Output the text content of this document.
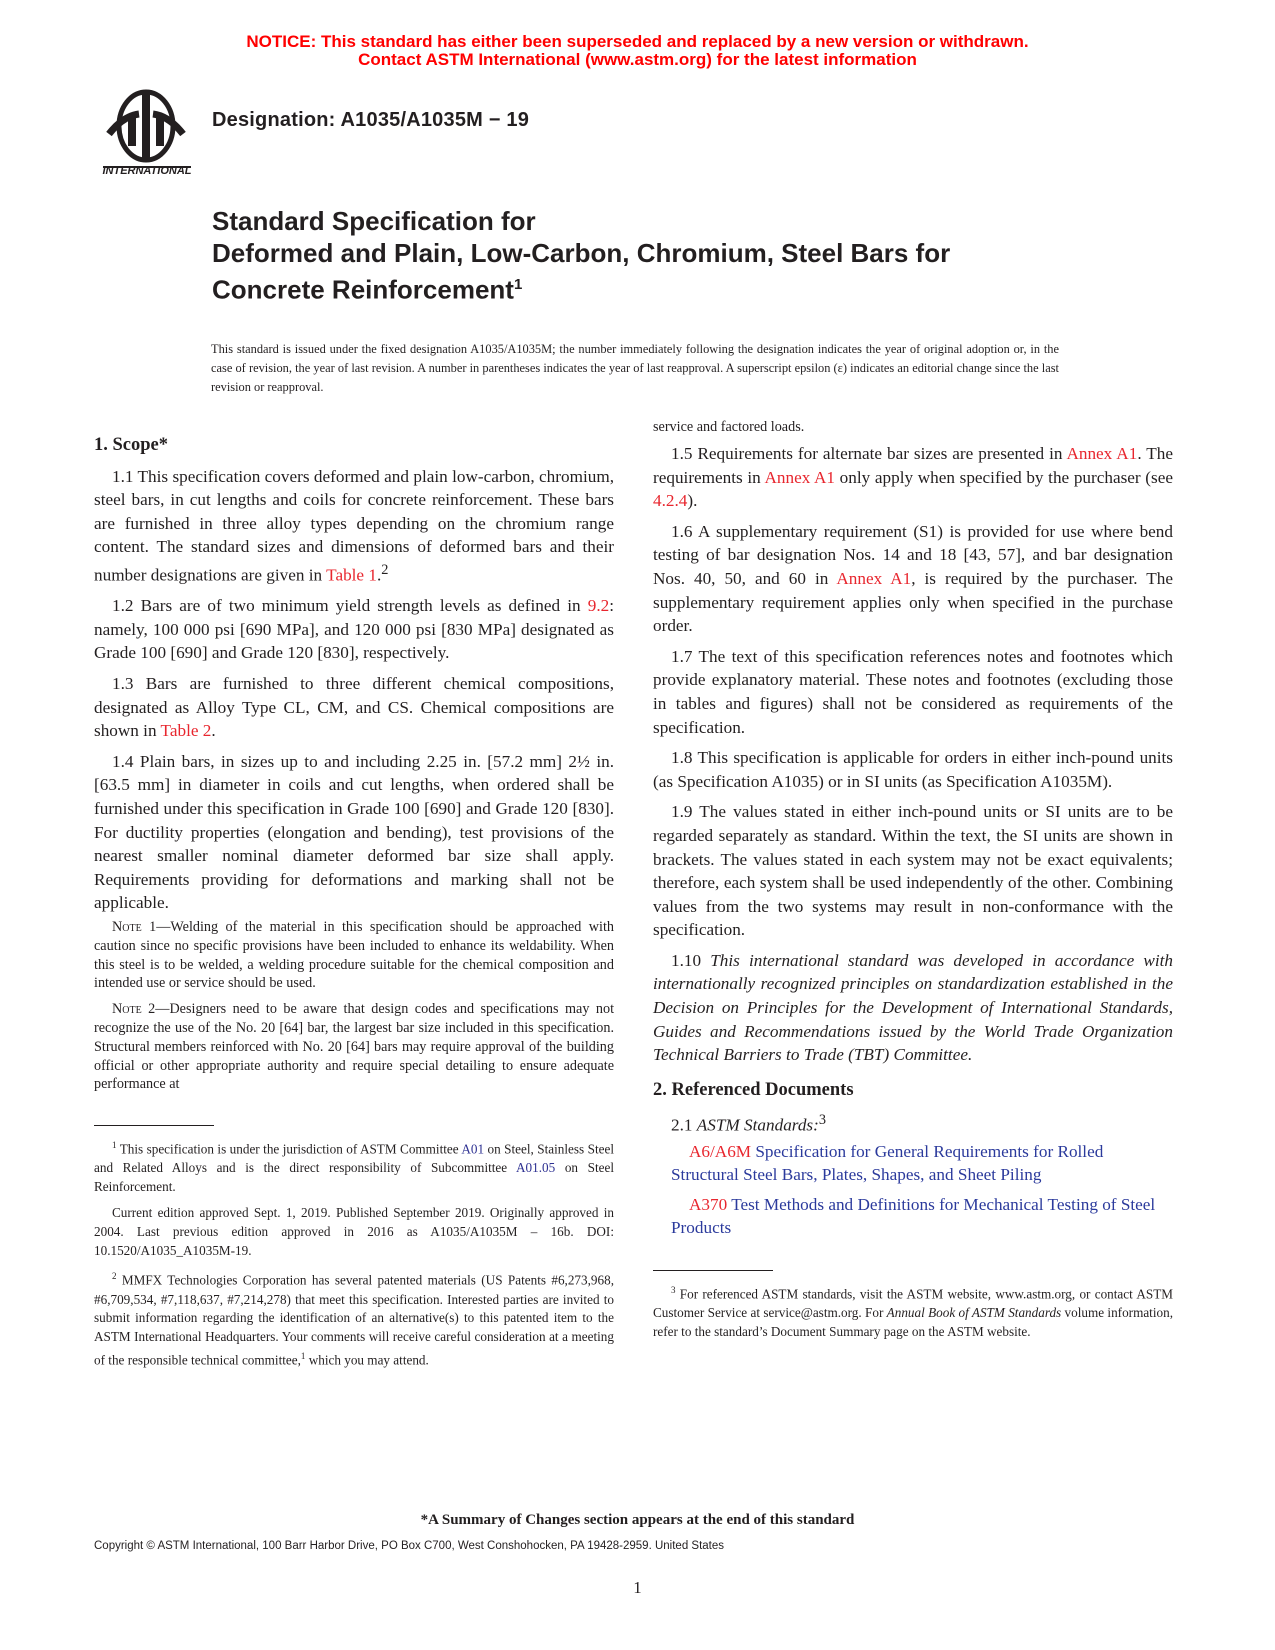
NOTICE: This standard has either been superseded and replaced by a new version or withdrawn.
Contact ASTM International (www.astm.org) for the latest information
INTERNATIONAL
Designation: A1035/A1035M − 19
Standard Specification for
Deformed and Plain, Low-Carbon, Chromium, Steel Bars for
Concrete Reinforcement$^1$
This standard is issued under the fixed designation A1035/A1035M; the number immediately following the designation indicates the year of original adoption or, in the case of revision, the year of last revision. A number in parentheses indicates the year of last reapproval. A superscript epsilon (ε) indicates an editorial change since the last revision or reapproval.

1. Scope*

1.1 This specification covers deformed and plain low-carbon, chromium, steel bars, in cut lengths and coils for concrete reinforcement. These bars are furnished in three alloy types depending on the chromium range content. The standard sizes and dimensions of deformed bars and their number designations are given in Table 1.$^2$

1.2 Bars are of two minimum yield strength levels as defined in 9.2: namely, 100 000 psi [690 MPa], and 120 000 psi [830 MPa] designated as Grade 100 [690] and Grade 120 [830], respectively.

1.3 Bars are furnished to three different chemical compositions, designated as Alloy Type CL, CM, and CS. Chemical compositions are shown in Table 2.

1.4 Plain bars, in sizes up to and including 2.25 in. [57.2 mm] 2½ in. [63.5 mm] in diameter in coils and cut lengths, when ordered shall be furnished under this specification in Grade 100 [690] and Grade 120 [830]. For ductility properties (elongation and bending), test provisions of the nearest smaller nominal diameter deformed bar size shall apply. Requirements providing for deformations and marking shall not be applicable.

Note 1—Welding of the material in this specification should be approached with caution since no specific provisions have been included to enhance its weldability. When this steel is to be welded, a welding procedure suitable for the chemical composition and intended use or service should be used.

Note 2—Designers need to be aware that design codes and specifications may not recognize the use of the No. 20 [64] bar, the largest bar size included in this specification. Structural members reinforced with No. 20 [64] bars may require approval of the building official or other appropriate authority and require special detailing to ensure adequate performance at

$^1$ This specification is under the jurisdiction of ASTM Committee A01 on Steel, Stainless Steel and Related Alloys and is the direct responsibility of Subcommittee A01.05 on Steel Reinforcement.

Current edition approved Sept. 1, 2019. Published September 2019. Originally approved in 2004. Last previous edition approved in 2016 as A1035/A1035M – 16b. DOI: 10.1520/A1035_A1035M-19.

$^2$ MMFX Technologies Corporation has several patented materials (US Patents #6,273,968, #6,709,534, #7,118,637, #7,214,278) that meet this specification. Interested parties are invited to submit information regarding the identification of an alternative(s) to this patented item to the ASTM International Headquarters. Your comments will receive careful consideration at a meeting of the responsible technical committee,$^1$ which you may attend.

service and factored loads.

1.5 Requirements for alternate bar sizes are presented in Annex A1. The requirements in Annex A1 only apply when specified by the purchaser (see 4.2.4).

1.6 A supplementary requirement (S1) is provided for use where bend testing of bar designation Nos. 14 and 18 [43, 57], and bar designation Nos. 40, 50, and 60 in Annex A1, is required by the purchaser. The supplementary requirement applies only when specified in the purchase order.

1.7 The text of this specification references notes and footnotes which provide explanatory material. These notes and footnotes (excluding those in tables and figures) shall not be considered as requirements of the specification.

1.8 This specification is applicable for orders in either inch-pound units (as Specification A1035) or in SI units (as Specification A1035M).

1.9 The values stated in either inch-pound units or SI units are to be regarded separately as standard. Within the text, the SI units are shown in brackets. The values stated in each system may not be exact equivalents; therefore, each system shall be used independently of the other. Combining values from the two systems may result in non-conformance with the specification.

1.10 This international standard was developed in accordance with internationally recognized principles on standardization established in the Decision on Principles for the Development of International Standards, Guides and Recommendations issued by the World Trade Organization Technical Barriers to Trade (TBT) Committee.

2. Referenced Documents

2.1 ASTM Standards:$^3$

A6/A6M Specification for General Requirements for Rolled Structural Steel Bars, Plates, Shapes, and Sheet Piling

A370 Test Methods and Definitions for Mechanical Testing of Steel Products

$^3$ For referenced ASTM standards, visit the ASTM website, www.astm.org, or contact ASTM Customer Service at service@astm.org. For Annual Book of ASTM Standards volume information, refer to the standard’s Document Summary page on the ASTM website.

*A Summary of Changes section appears at the end of this standard
Copyright © ASTM International, 100 Barr Harbor Drive, PO Box C700, West Conshohocken, PA 19428-2959. United States
1
